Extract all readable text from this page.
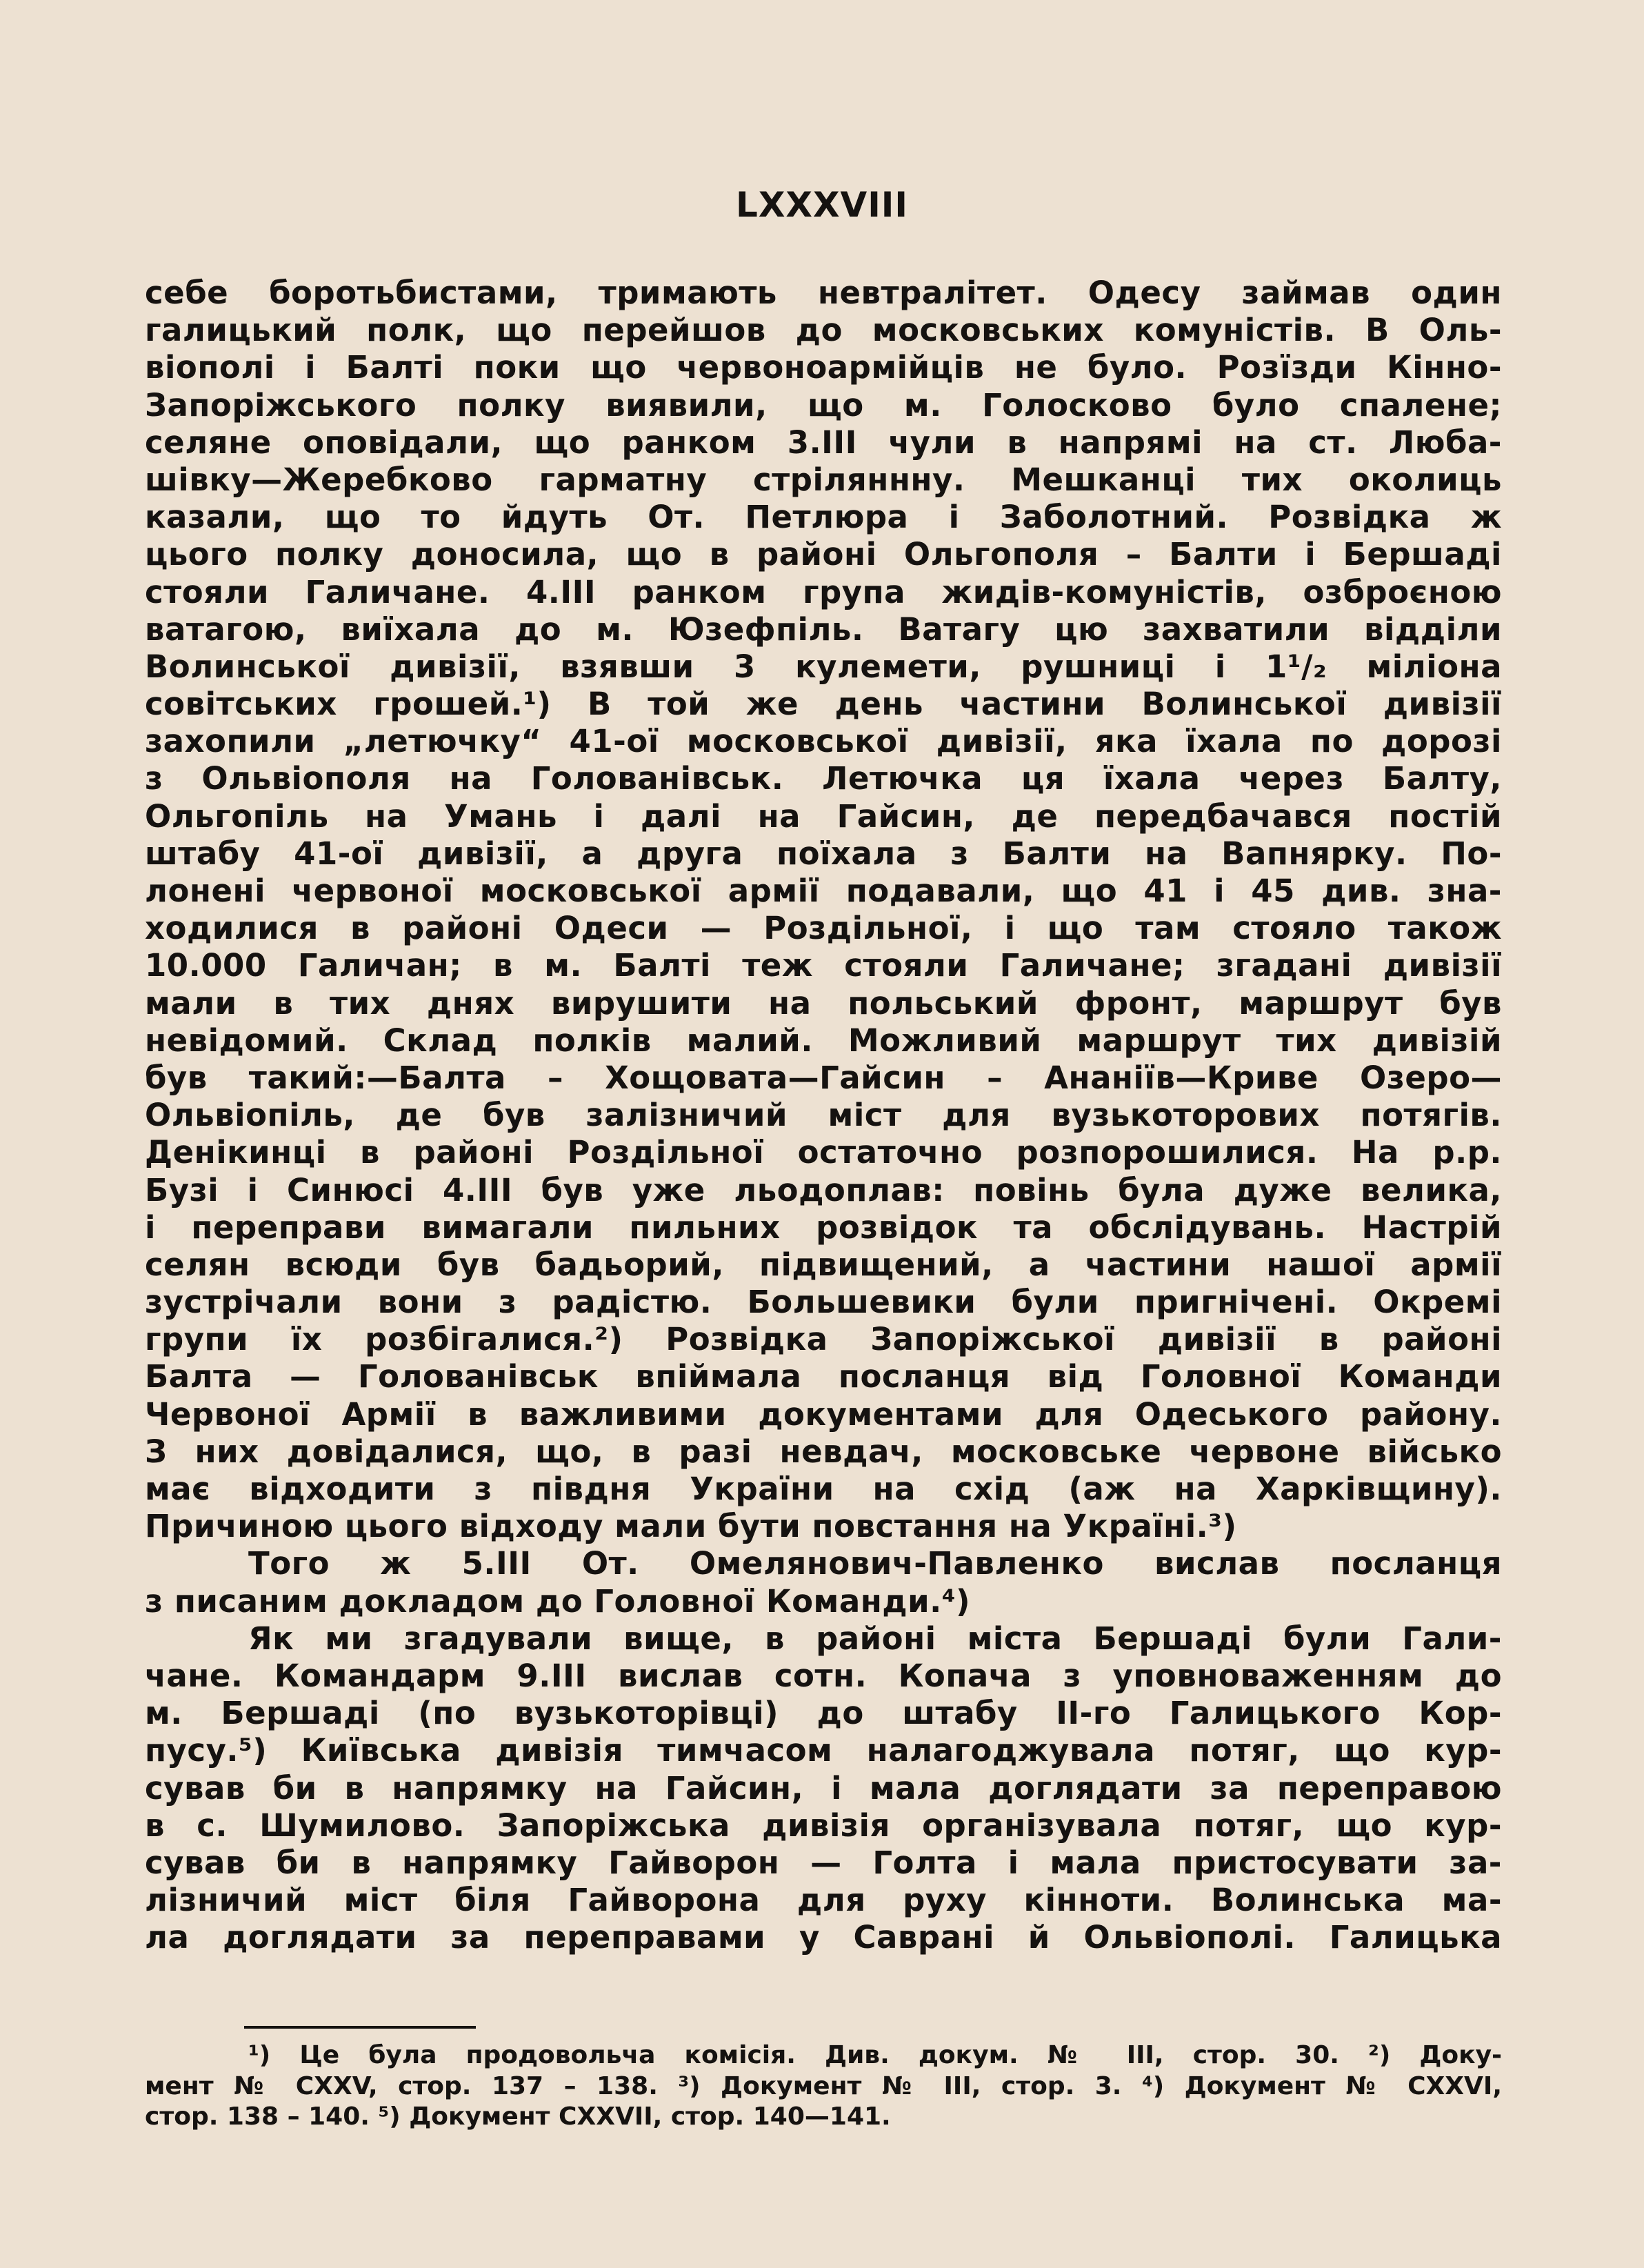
LXXXVIII
себе боротьбистами, тримають невтралітет. Одесу займав один
галицький полк, що перейшов до московських комуністів. В Оль-
віополі і Балті поки що червоноармійців не було. Розїзди Кінно-
Запоріжського полку виявили, що м. Голосково було спалене;
селяне оповідали, що ранком 3.ІІІ чули в напрямі на ст. Люба-
шівку—Жеребково гарматну стріляннну. Мешканці тих околиць
казали, що то йдуть От. Петлюра і Заболотний. Розвідка ж
цього полку доносила, що в районі Ольгополя – Балти і Бершаді
стояли Галичане. 4.ІІІ ранком група жидів-комуністів, озброєною
ватагою, виїхала до м. Юзефпіль. Ватагу цю захватили відділи
Волинської дивізії, взявши 3 кулемети, рушниці і 1¹/₂ міліона
совітських грошей.¹) В той же день частини Волинської дивізії
захопили „летючку“ 41-ої московської дивізії, яка їхала по дорозі
з Ольвіополя на Голованівськ. Летючка ця їхала через Балту,
Ольгопіль на Умань і далі на Гайсин, де передбачався постій
штабу 41-ої дивізії, а друга поїхала з Балти на Вапнярку. По-
лонені червоної московської армії подавали, що 41 і 45 див. зна-
ходилися в районі Одеси — Роздільної, і що там стояло також
10.000 Галичан; в м. Балті теж стояли Галичане; згадані дивізії
мали в тих днях вирушити на польський фронт, маршрут був
невідомий. Склад полків малий. Можливий маршрут тих дивізій
був такий:—Балта – Хощовата—Гайсин – Ананіїв—Криве Озеро—
Ольвіопіль, де був залізничий міст для вузькоторових потягів.
Денікинці в районі Роздільної остаточно розпорошилися. На р.р.
Бузі і Синюсі 4.ІІІ був уже льодоплав: повінь була дуже велика,
і переправи вимагали пильних розвідок та обслідувань. Настрій
селян всюди був бадьорий, підвищений, а частини нашої армії
зустрічали вони з радістю. Большевики були пригнічені. Окремі
групи їх розбігалися.²) Розвідка Запоріжської дивізії в районі
Балта — Голованівськ впіймала посланця від Головної Команди
Червоної Армії в важливими документами для Одеського району.
З них довідалися, що, в разі невдач, московське червоне військо
має відходити з півдня України на схід (аж на Харківщину).
Причиною цього відходу мали бути повстання на Україні.³)
Того ж 5.ІІІ От. Омелянович-Павленко вислав посланця
з писаним докладом до Головної Команди.⁴)
Як ми згадували вище, в районі міста Бершаді були Гали-
чане. Командарм 9.ІІІ вислав сотн. Копача з уповноваженням до
м. Бершаді (по вузькоторівці) до штабу ІІ-го Галицького Кор-
пусу.⁵) Київська дивізія тимчасом налагоджувала потяг, що кур-
сував би в напрямку на Гайсин, і мала доглядати за переправою
в с. Шумилово. Запоріжська дивізія організувала потяг, що кур-
сував би в напрямку Гайворон — Голта і мала пристосувати за-
лізничий міст біля Гайворона для руху кінноти. Волинська ма-
ла доглядати за переправами у Саврані й Ольвіополі. Галицька
¹) Це була продовольча комісія. Див. докум. № III, стор. 30. ²) Доку-
мент № CXXV, стор. 137 – 138. ³) Документ № III, стор. 3. ⁴) Документ № CXXVI,
стор. 138 – 140. ⁵) Документ CXXVII, стор. 140—141.
